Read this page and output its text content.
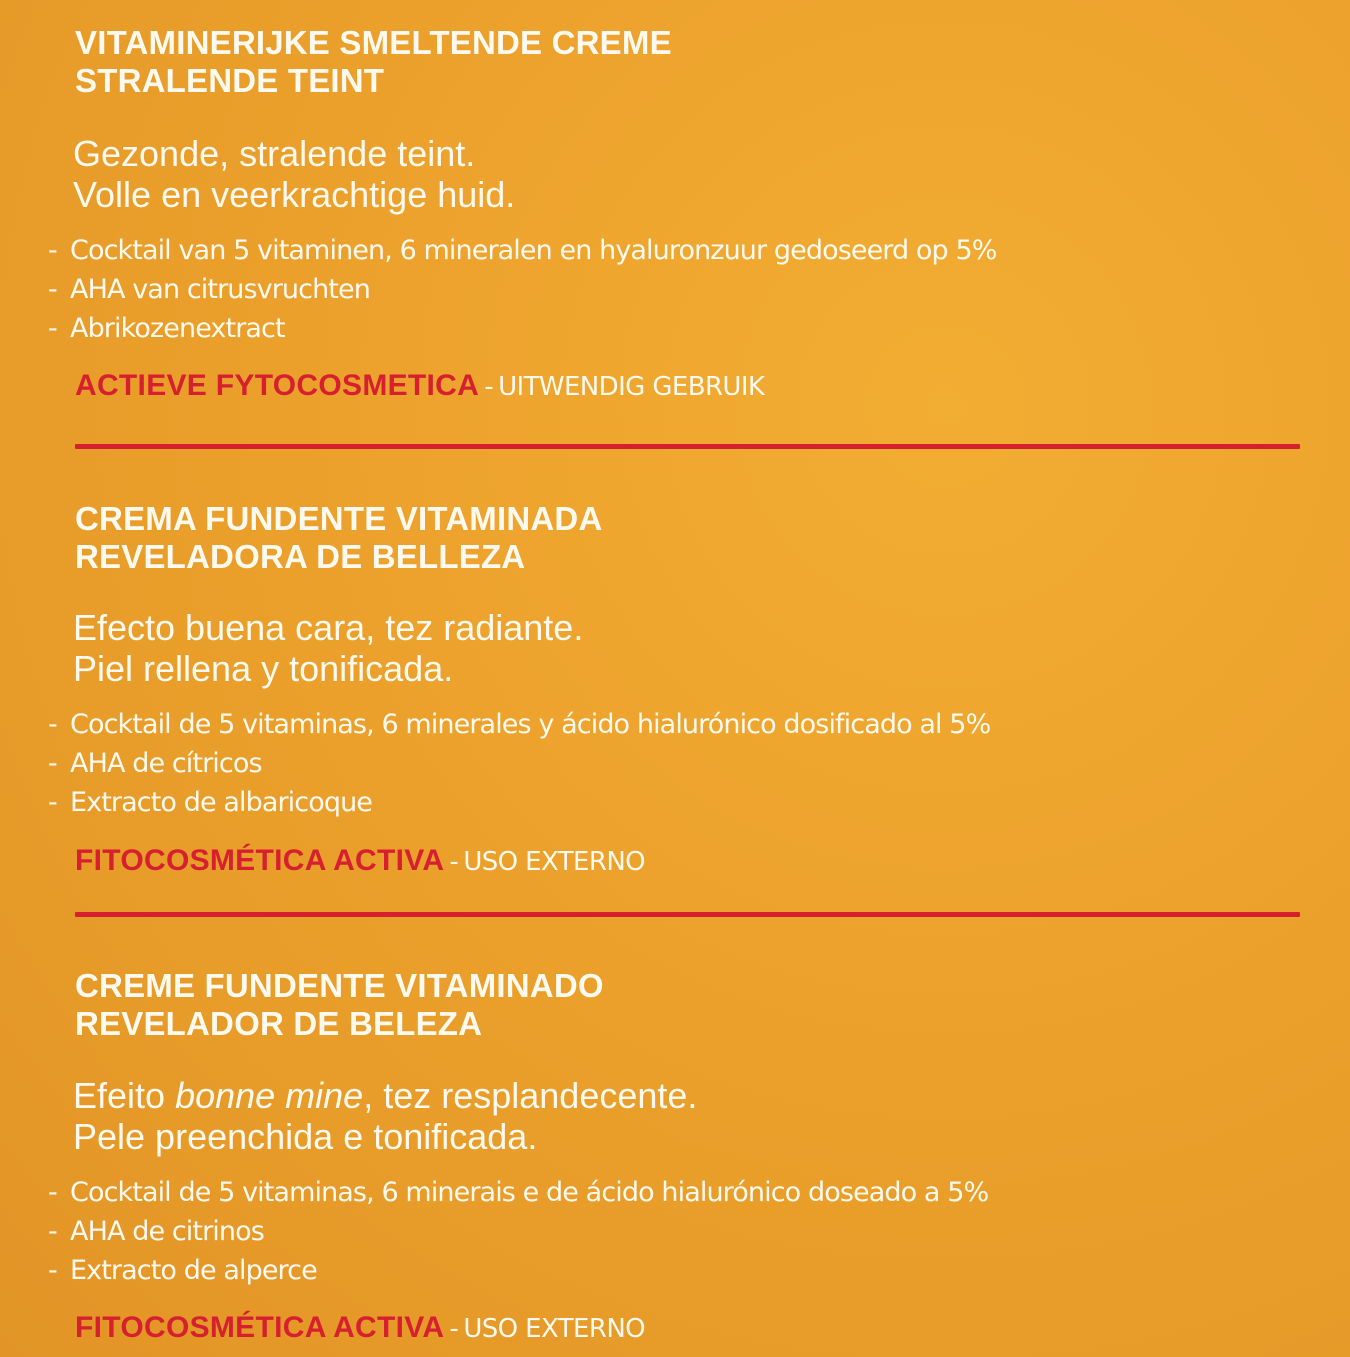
VITAMINERIJKE SMELTENDE CREME
STRALENDE TEINT

Gezonde, stralende teint.
Volle en veerkrachtige huid.

- Cocktail van 5 vitaminen, 6 mineralen en hyaluronzuur gedoseerd op 5%
- AHA van citrusvruchten
- Abrikozenextract

ACTIEVE FYTOCOSMETICA - UITWENDIG GEBRUIK

CREMA FUNDENTE VITAMINADA
REVELADORA DE BELLEZA

Efecto buena cara, tez radiante.
Piel rellena y tonificada.

- Cocktail de 5 vitaminas, 6 minerales y ácido hialurónico dosificado al 5%
- AHA de cítricos
- Extracto de albaricoque

FITOCOSMÉTICA ACTIVA - USO EXTERNO

CREME FUNDENTE VITAMINADO
REVELADOR DE BELEZA

Efeito bonne mine, tez resplandecente.
Pele preenchida e tonificada.

- Cocktail de 5 vitaminas, 6 minerais e de ácido hialurónico doseado a 5%
- AHA de citrinos
- Extracto de alperce

FITOCOSMÉTICA ACTIVA - USO EXTERNO
